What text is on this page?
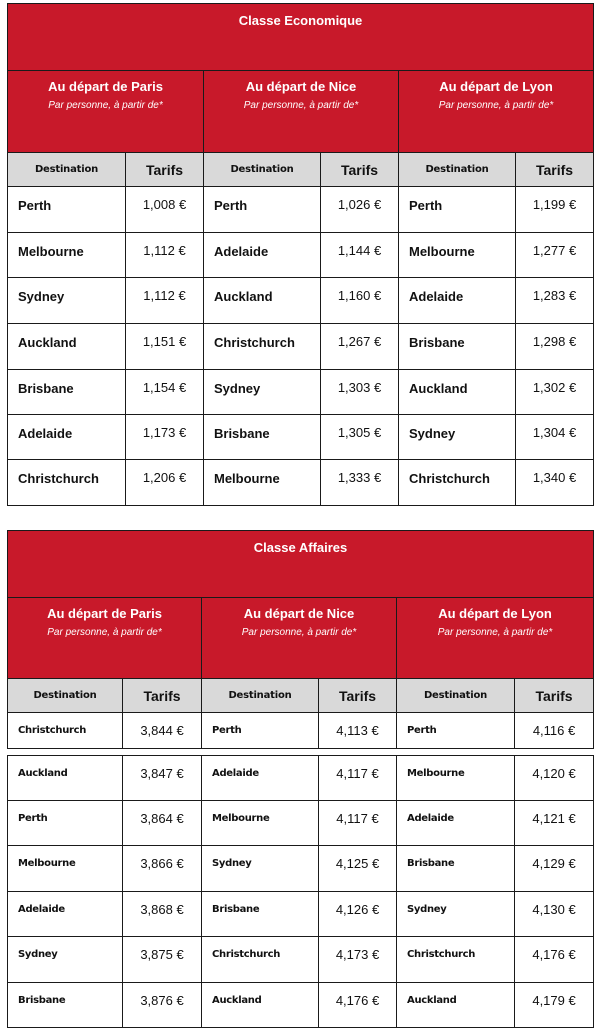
Classe Economique					

Au départ de Paris
Par personne, à partir de*		Au départ de Nice
Par personne, à partir de*		Au départ de Lyon
Par personne, à partir de*	

Destination	Tarifs	Destination	Tarifs	Destination	Tarifs
Perth	1,008 €	Perth	1,026 €	Perth	1,199 €
Melbourne	1,112 €	Adelaide	1,144 €	Melbourne	1,277 €
Sydney	1,112 €	Auckland	1,160 €	Adelaide	1,283 €
Auckland	1,151 €	Christchurch	1,267 €	Brisbane	1,298 €
Brisbane	1,154 €	Sydney	1,303 €	Auckland	1,302 €
Adelaide	1,173 €	Brisbane	1,305 €	Sydney	1,304 €
Christchurch	1,206 €	Melbourne	1,333 €	Christchurch	1,340 €
Classe Affaires					

Au départ de Paris
Par personne, à partir de*		Au départ de Nice
Par personne, à partir de*		Au départ de Lyon
Par personne, à partir de*	

Destination	Tarifs	Destination	Tarifs	Destination	Tarifs
Christchurch	3,844 €	Perth	4,113 €	Perth	4,116 €

Auckland	3,847 €	Adelaide	4,117 €	Melbourne	4,120 €
Perth	3,864 €	Melbourne	4,117 €	Adelaide	4,121 €
Melbourne	3,866 €	Sydney	4,125 €	Brisbane	4,129 €
Adelaide	3,868 €	Brisbane	4,126 €	Sydney	4,130 €
Sydney	3,875 €	Christchurch	4,173 €	Christchurch	4,176 €
Brisbane	3,876 €	Auckland	4,176 €	Auckland	4,179 €
